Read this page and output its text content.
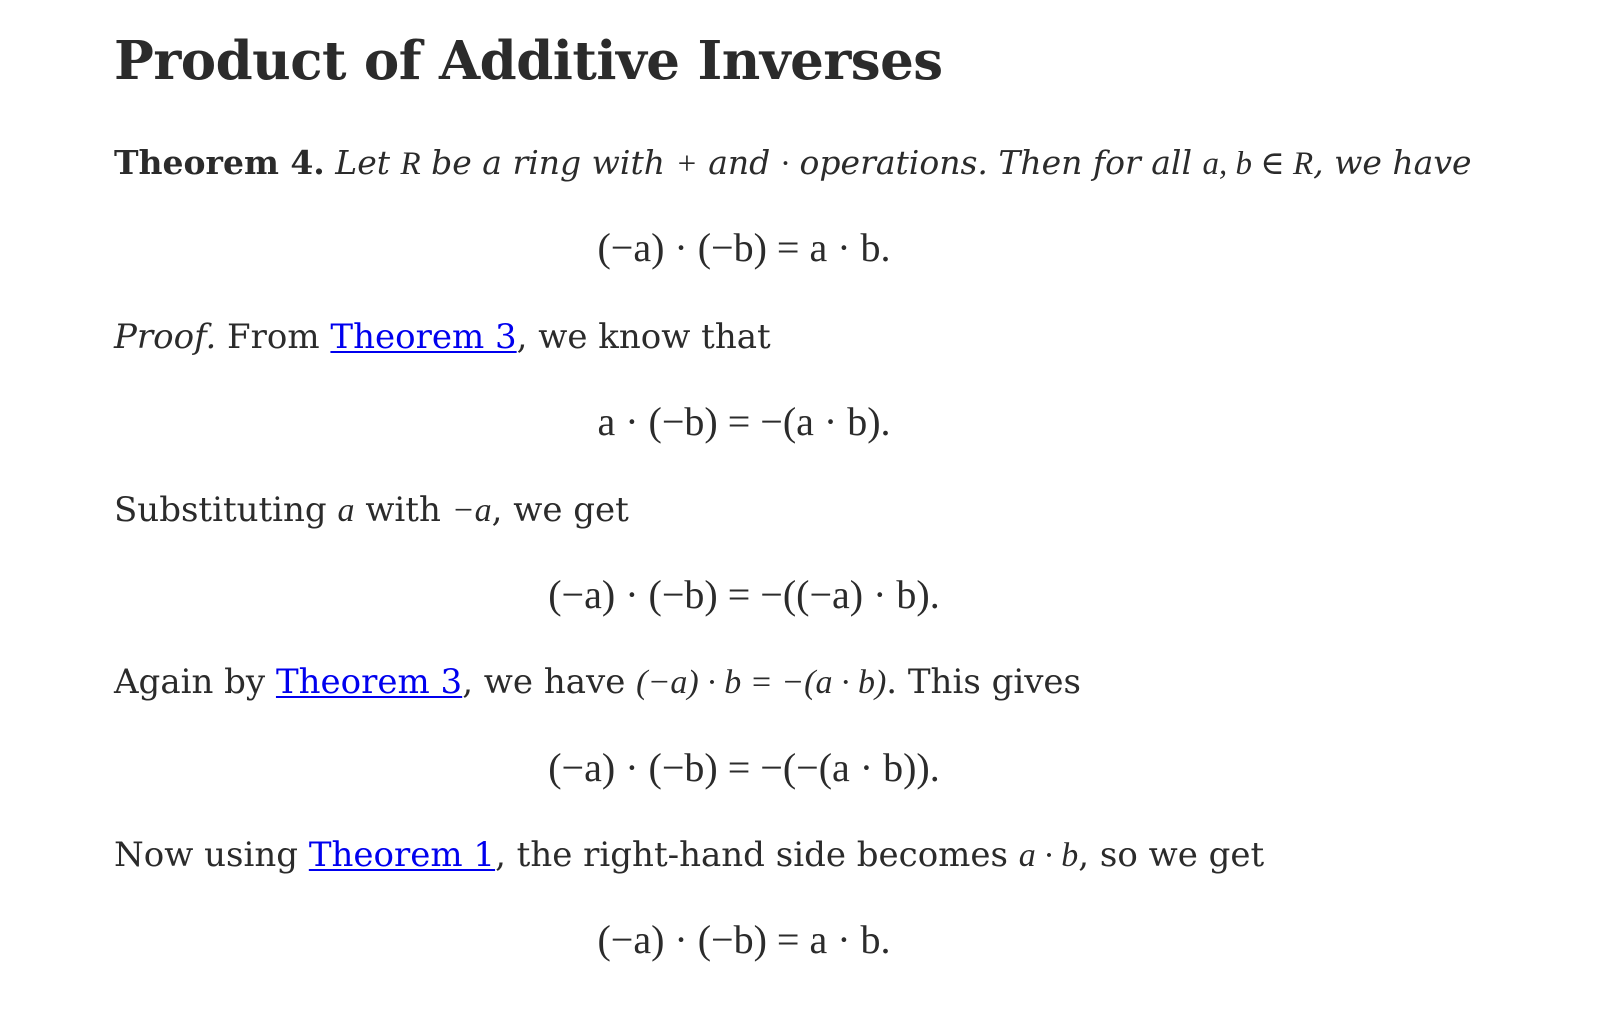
Product of Additive Inverses
Theorem 4. Let R be a ring with + and · operations. Then for all a, b ∈ R, we have
(−a) · (−b) = a · b.
Proof. From Theorem 3, we know that
a · (−b) = −(a · b).
Substituting a with −a, we get
(−a) · (−b) = −((−a) · b).
Again by Theorem 3, we have (−a) · b = −(a · b). This gives
(−a) · (−b) = −(−(a · b)).
Now using Theorem 1, the right-hand side becomes a · b, so we get
(−a) · (−b) = a · b.
